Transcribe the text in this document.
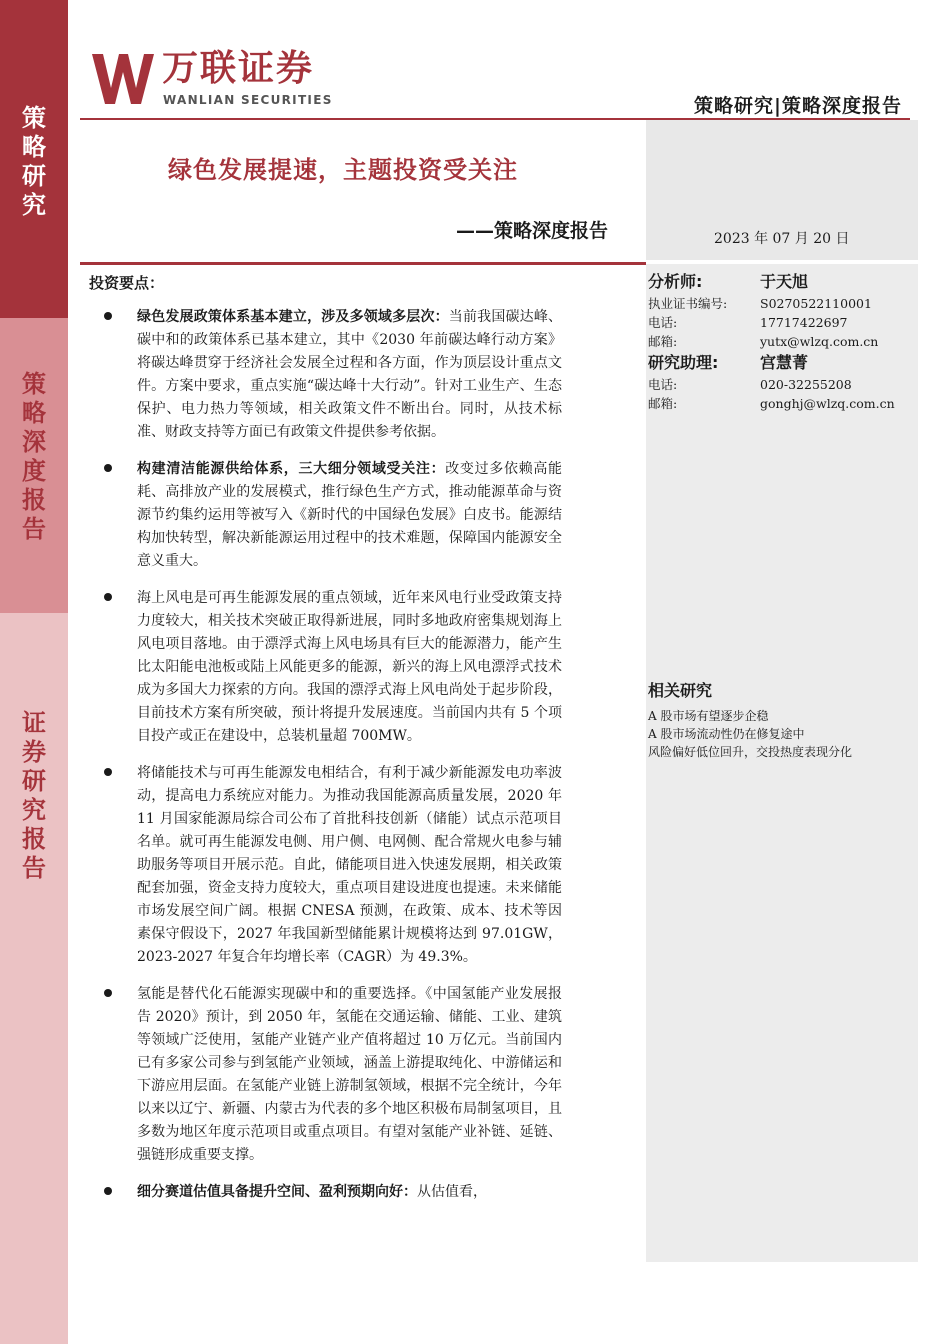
策
略
研
究
策
略
深
度
报
告
证
券
研
究
报
告
万联证券
WANLIAN SECURITIES	策略研究|策略深度报告
绿色发展提速，主题投资受关注
——策略深度报告	2023 年 07 月 20 日
投资要点：
绿色发展政策体系基本建立，涉及多领域多层次：当前我国碳达峰、碳中和的政策体系已基本建立，其中《2030 年前碳达峰行动方案》将碳达峰贯穿于经济社会发展全过程和各方面，作为顶层设计重点文件。方案中要求，重点实施“碳达峰十大行动”。针对工业生产、生态保护、电力热力等领域，相关政策文件不断出台。同时，从技术标准、财政支持等方面已有政策文件提供参考依据。
构建清洁能源供给体系，三大细分领域受关注：改变过多依赖高能耗、高排放产业的发展模式，推行绿色生产方式，推动能源革命与资源节约集约运用等被写入《新时代的中国绿色发展》白皮书。能源结构加快转型，解决新能源运用过程中的技术难题，保障国内能源安全意义重大。
海上风电是可再生能源发展的重点领域，近年来风电行业受政策支持力度较大，相关技术突破正取得新进展，同时多地政府密集规划海上风电项目落地。由于漂浮式海上风电场具有巨大的能源潜力，能产生比太阳能电池板或陆上风能更多的能源，新兴的海上风电漂浮式技术成为多国大力探索的方向。我国的漂浮式海上风电尚处于起步阶段，目前技术方案有所突破，预计将提升发展速度。当前国内共有 5 个项目投产或正在建设中，总装机量超 700MW。
将储能技术与可再生能源发电相结合，有利于减少新能源发电功率波动，提高电力系统应对能力。为推动我国能源高质量发展，2020 年 11 月国家能源局综合司公布了首批科技创新（储能）试点示范项目名单。就可再生能源发电侧、用户侧、电网侧、配合常规火电参与辅助服务等项目开展示范。自此，储能项目进入快速发展期，相关政策配套加强，资金支持力度较大，重点项目建设进度也提速。未来储能市场发展空间广阔。根据 CNESA 预测，在政策、成本、技术等因素保守假设下，2027 年我国新型储能累计规模将达到 97.01GW，2023-2027 年复合年均增长率（CAGR）为 49.3%。
氢能是替代化石能源实现碳中和的重要选择。《中国氢能产业发展报告 2020》预计，到 2050 年，氢能在交通运输、储能、工业、建筑等领域广泛使用，氢能产业链产业产值将超过 10 万亿元。当前国内已有多家公司参与到氢能产业领域，涵盖上游提取纯化、中游储运和下游应用层面。在氢能产业链上游制氢领域，根据不完全统计，今年以来以辽宁、新疆、内蒙古为代表的多个地区积极布局制氢项目，且多数为地区年度示范项目或重点项目。有望对氢能产业补链、延链、强链形成重要支撑。
细分赛道估值具备提升空间、盈利预期向好：从估值看，
分析师:	于天旭
执业证书编号:	S0270522110001
电话:	17717422697
邮箱:	yutx@wlzq.com.cn
研究助理:	宫慧菁
电话:	020-32255208
邮箱:	gonghj@wlzq.com.cn
相关研究
A 股市场有望逐步企稳
A 股市场流动性仍在修复途中
风险偏好低位回升，交投热度表现分化
